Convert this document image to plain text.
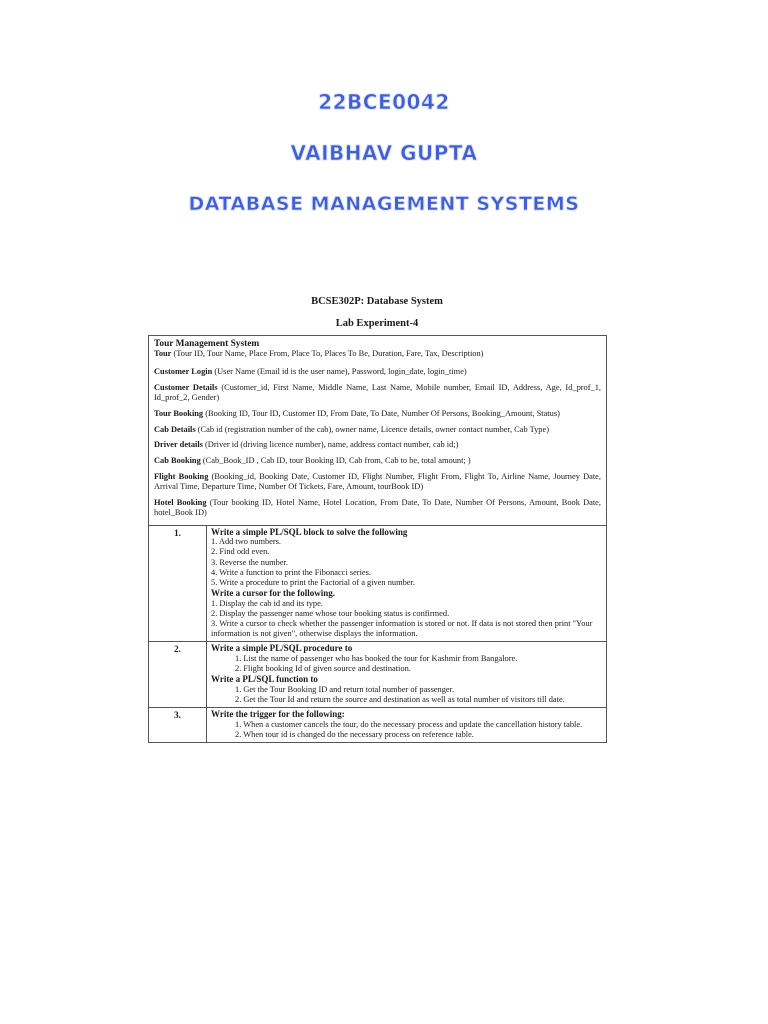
22BCE0042
VAIBHAV GUPTA
DATABASE MANAGEMENT SYSTEMS
BCSE302P: Database System
Lab Experiment-4
Tour Management System
Tour (Tour ID, Tour Name, Place From, Place To, Places To Be, Duration, Fare, Tax, Description)
Customer Login (User Name (Email id is the user name), Password, login_date, login_time)
Customer Details (Customer_id, First Name, Middle Name, Last Name, Mobile number, Email ID, Address, Age, Id_prof_1, Id_prof_2, Gender)
Tour Booking (Booking ID, Tour ID, Customer ID, From Date, To Date, Number Of Persons, Booking_Amount, Status)
Cab Details (Cab id (registration number of the cab), owner name, Licence details, owner contact number, Cab Type)
Driver details (Driver id (driving licence number), name, address contact number, cab id;)
Cab Booking (Cab_Book_ID , Cab ID, tour Booking ID, Cab from, Cab to be, total amount; )
Flight Booking (Booking_id, Booking Date, Customer ID, Flight Number, Flight From, Flight To, Airline Name, Journey Date, Arrival Time, Departure Time, Number Of Tickets, Fare, Amount, tourBook ID)
Hotel Booking (Tour booking ID, Hotel Name, Hotel Location, From Date, To Date, Number Of Persons, Amount, Book Date, hotel_Book ID)
1.	Write a simple PL/SQL block to solve the following
1. Add two numbers.
2. Find odd even.
3. Reverse the number.
4. Write a function to print the Fibonacci series.
5. Write a procedure to print the Factorial of a given number.
Write a cursor for the following.
1. Display the cab id and its type.
2. Display the passenger name whose tour booking status is confirmed.
3. Write a cursor to check whether the passenger information is stored or not. If data is not stored then print "Your information is not given", otherwise displays the information.
2.	Write a simple PL/SQL procedure to
1. List the name of passenger who has booked the tour for Kashmir from Bangalore.
2. Flight booking Id of given source and destination.
Write a PL/SQL function to
1. Get the Tour Booking ID and return total number of passenger.
2. Get the Tour Id and return the source and destination as well as total number of visitors till date.
3.	Write the trigger for the following:
1. When a customer cancels the tour, do the necessary process and update the cancellation history table.
2. When tour id is changed do the necessary process on reference table.
